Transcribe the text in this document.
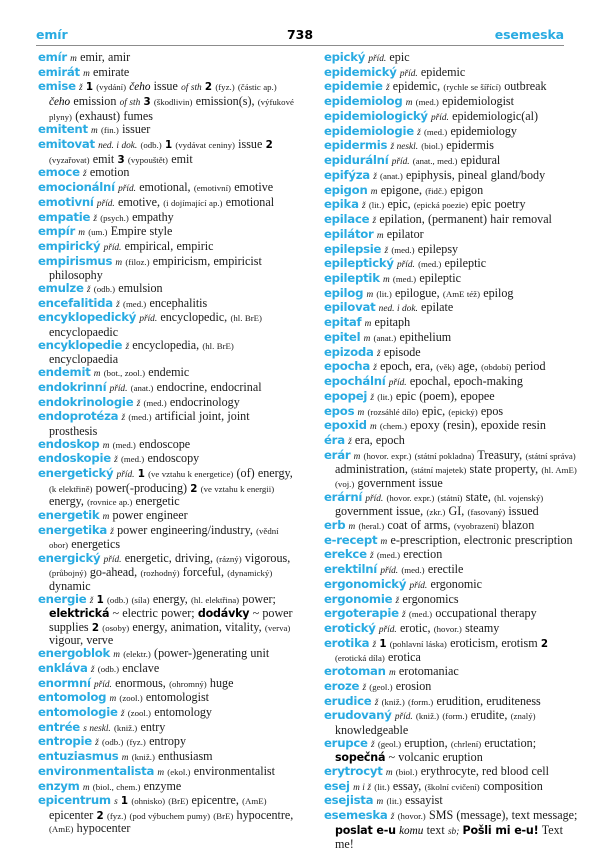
emír	738	esemeska

emír m emir, amir

emirát m emirate

emise ž 1 (vydání) čeho issue of sth 2 (fyz.) (částic ap.) čeho emission of sth 3 (škodlivin) emission(s), (výfukové plyny) (exhaust) fumes

emitent m (fin.) issuer

emitovat ned. i dok. (odb.) 1 (vydávat ceniny) issue 2 (vyzařovat) emit 3 (vypouštět) emit

emoce ž emotion

emocionální příd. emotional, (emotivní) emotive

emotivní příd. emotive, (i dojímající ap.) emotional

empatie ž (psych.) empathy

empír m (um.) Empire style

empirický příd. empirical, empiric

empirismus m (filoz.) empiricism, empiricist philosophy

emulze ž (odb.) emulsion

encefalitida ž (med.) encephalitis

encyklopedický příd. encyclopedic, (hl. BrE) encyclopaedic

encyklopedie ž encyclopedia, (hl. BrE) encyclopaedia

endemit m (bot., zool.) endemic

endokrinní příd. (anat.) endocrine, endocrinal

endokrinologie ž (med.) endocrinology

endoprotéza ž (med.) artificial joint, joint prosthesis

endoskop m (med.) endoscope

endoskopie ž (med.) endoscopy

energetický příd. 1 (ve vztahu k energetice) (of) energy, (k elektřině) power(-producing) 2 (ve vztahu k energii) energy, (rovnice ap.) energetic

energetik m power engineer

energetika ž power engineering/industry, (vědní obor) energetics

energický příd. energetic, driving, (rázný) vigorous, (průbojný) go-ahead, (rozhodný) forceful, (dynamický) dynamic

energie ž 1 (odb.) (síla) energy, (hl. elektřina) power; elektrická ~ electric power; dodávky ~ power supplies 2 (osoby) energy, animation, vitality, (verva) vigour, verve

energoblok m (elektr.) (power-)generating unit

enkláva ž (odb.) enclave

enormní příd. enormous, (ohromný) huge

entomolog m (zool.) entomologist

entomologie ž (zool.) entomology

entrée s neskl. (kniž.) entry

entropie ž (odb.) (fyz.) entropy

entuziasmus m (kniž.) enthusiasm

environmentalista m (ekol.) environmentalist

enzym m (biol., chem.) enzyme

epicentrum s 1 (ohnisko) (BrE) epicentre, (AmE) epicenter 2 (fyz.) (pod výbuchem pumy) (BrE) hypocentre, (AmE) hypocenter

epický příd. epic

epidemický příd. epidemic

epidemie ž epidemic, (rychle se šířící) outbreak

epidemiolog m (med.) epidemiologist

epidemiologický příd. epidemiologic(al)

epidemiologie ž (med.) epidemiology

epidermis ž neskl. (biol.) epidermis

epidurální příd. (anat., med.) epidural

epifýza ž (anat.) epiphysis, pineal gland/body

epigon m epigone, (řidč.) epigon

epika ž (lit.) epic, (epická poezie) epic poetry

epilace ž epilation, (permanent) hair removal

epilátor m epilator

epilepsie ž (med.) epilepsy

epileptický příd. (med.) epileptic

epileptik m (med.) epileptic

epilog m (lit.) epilogue, (AmE též) epilog

epilovat ned. i dok. epilate

epitaf m epitaph

epitel m (anat.) epithelium

epizoda ž episode

epocha ž epoch, era, (věk) age, (období) period

epochální příd. epochal, epoch-making

epopej ž (lit.) epic (poem), epopee

epos m (rozsáhlé dílo) epic, (epický) epos

epoxid m (chem.) epoxy (resin), epoxide resin

éra ž era, epoch

erár m (hovor. expr.) (státní pokladna) Treasury, (státní správa) administration, (státní majetek) state property, (hl. AmE) (voj.) government issue

erární příd. (hovor. expr.) (státní) state, (hl. vojenský) government issue, (zkr.) GI, (fasovaný) issued

erb m (heral.) coat of arms, (vyobrazení) blazon

e-recept m e-prescription, electronic prescription

erekce ž (med.) erection

erektilní příd. (med.) erectile

ergonomický příd. ergonomic

ergonomie ž ergonomics

ergoterapie ž (med.) occupational therapy

erotický příd. erotic, (hovor.) steamy

erotika ž 1 (pohlavní láska) eroticism, erotism 2 (erotická díla) erotica

erotoman m erotomaniac

eroze ž (geol.) erosion

erudice ž (kniž.) (form.) erudition, eruditeness

erudovaný příd. (kniž.) (form.) erudite, (znalý) knowledgeable

erupce ž (geol.) eruption, (chrlení) eructation; sopečná ~ volcanic eruption

erytrocyt m (biol.) erythrocyte, red blood cell

esej m i ž (lit.) essay, (školní cvičení) composition

esejista m (lit.) essayist

esemeska ž (hovor.) SMS (message), text message; poslat e-u komu text sb; Pošli mi e-u! Text me!
